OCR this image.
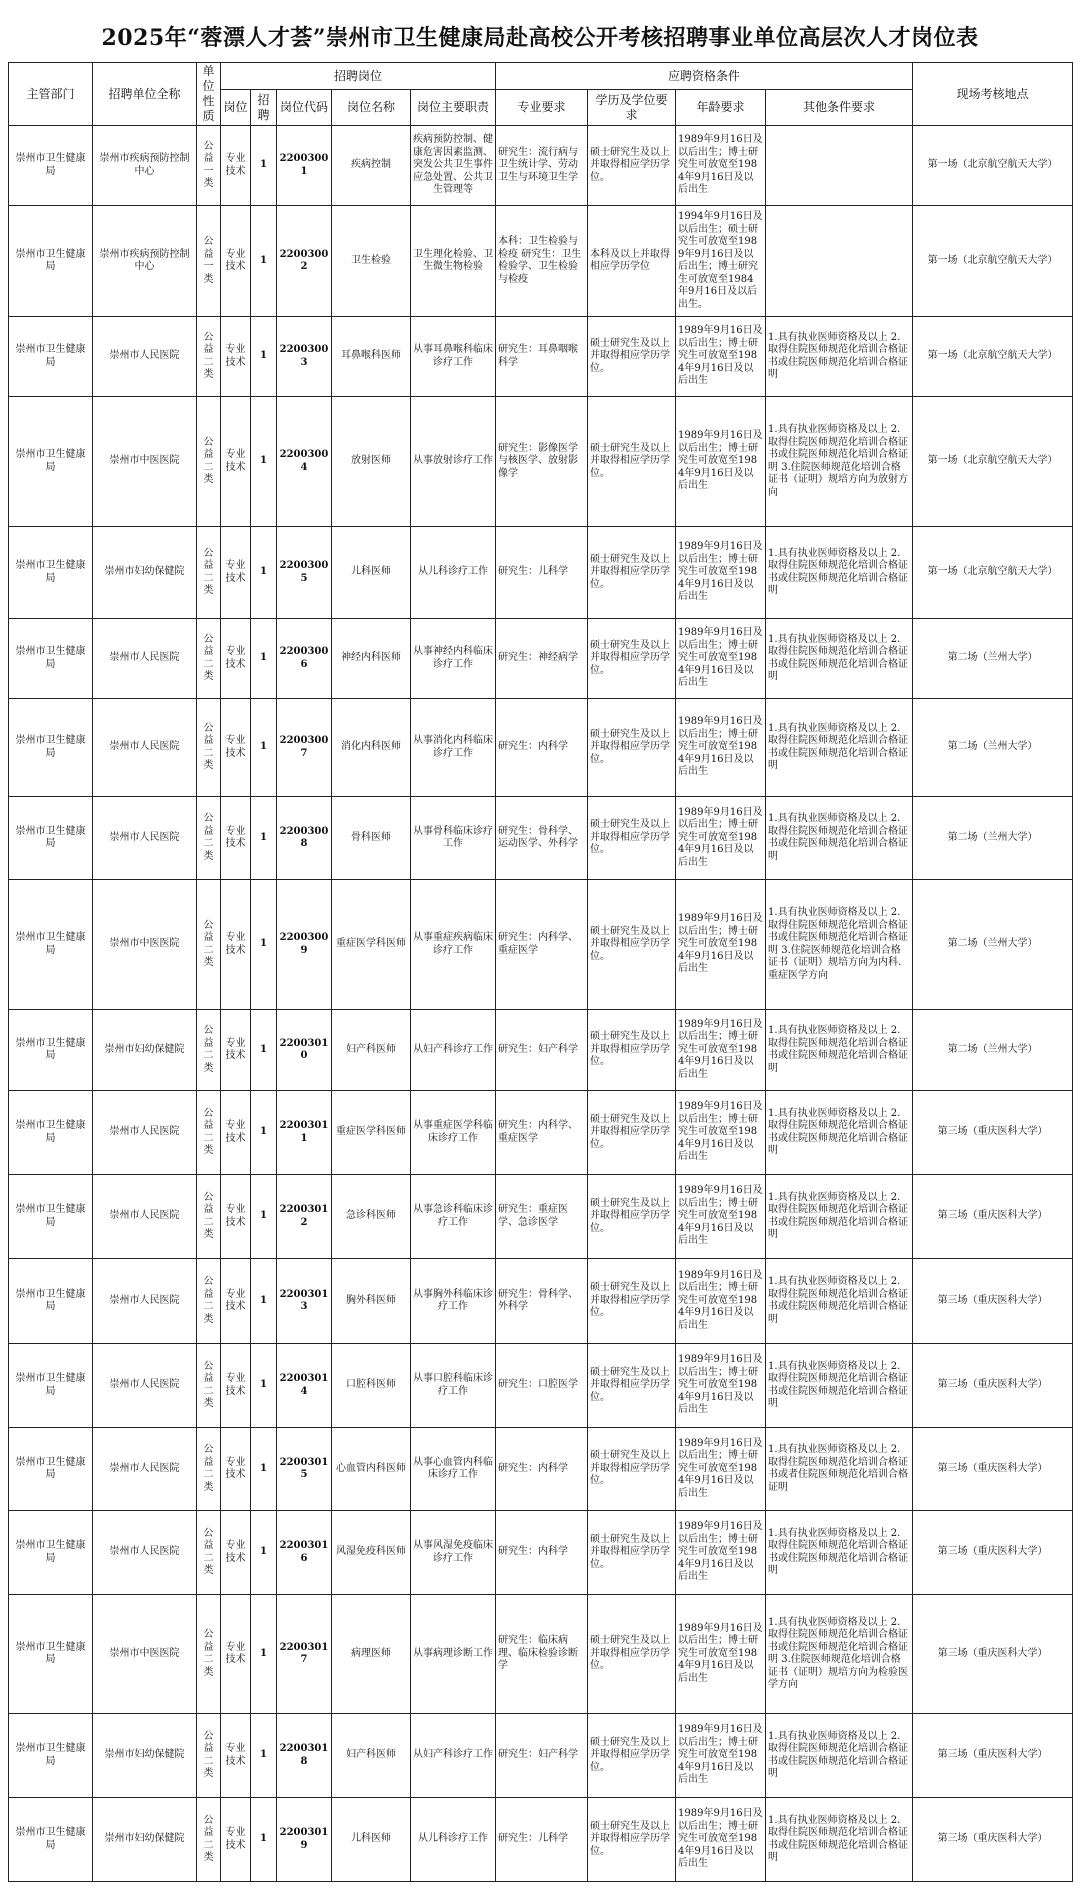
2025年“蓉漂人才荟”崇州市卫生健康局赴高校公开考核招聘事业单位高层次人才岗位表
主管部门	招聘单位全称	单位性质	招聘岗位					应聘资格条件				现场考核地点
			岗位	招聘	岗位代码	岗位名称	岗位主要职责	专业要求	学历及学位要求	年龄要求	其他条件要求	
崇州市卫生健康局	崇州市疾病预防控制中心	公益一类	专业技术	1	22003001	疾病控制	疾病预防控制、健康危害因素监测、突发公共卫生事件应急处置、公共卫生管理等	研究生：流行病与卫生统计学、劳动卫生与环境卫生学	硕士研究生及以上并取得相应学历学位。	1989年9月16日及以后出生；博士研究生可放宽至1984年9月16日及以后出生		第一场（北京航空航天大学）
崇州市卫生健康局	崇州市疾病预防控制中心	公益一类	专业技术	1	22003002	卫生检验	卫生理化检验、卫生微生物检验	本科：卫生检验与检疫 研究生：卫生检验学、卫生检验与检疫	本科及以上并取得相应学历学位	1994年9月16日及以后出生；硕士研究生可放宽至1989年9月16日及以后出生；博士研究生可放宽至1984年9月16日及以后出生。		第一场（北京航空航天大学）
崇州市卫生健康局	崇州市人民医院	公益二类	专业技术	1	22003003	耳鼻喉科医师	从事耳鼻喉科临床诊疗工作	研究生：耳鼻咽喉科学	硕士研究生及以上并取得相应学历学位。	1989年9月16日及以后出生；博士研究生可放宽至1984年9月16日及以后出生	1.具有执业医师资格及以上 2.取得住院医师规范化培训合格证书或住院医师规范化培训合格证明	第一场（北京航空航天大学）
崇州市卫生健康局	崇州市中医医院	公益二类	专业技术	1	22003004	放射医师	从事放射诊疗工作	研究生：影像医学与核医学、放射影像学	硕士研究生及以上并取得相应学历学位。	1989年9月16日及以后出生；博士研究生可放宽至1984年9月16日及以后出生	1.具有执业医师资格及以上 2.取得住院医师规范化培训合格证书或住院医师规范化培训合格证明 3.住院医师规范化培训合格证书（证明）规培方向为放射方向	第一场（北京航空航天大学）
崇州市卫生健康局	崇州市妇幼保健院	公益二类	专业技术	1	22003005	儿科医师	从儿科诊疗工作	研究生：儿科学	硕士研究生及以上并取得相应学历学位。	1989年9月16日及以后出生；博士研究生可放宽至1984年9月16日及以后出生	1.具有执业医师资格及以上 2.取得住院医师规范化培训合格证书或住院医师规范化培训合格证明	第一场（北京航空航天大学）
崇州市卫生健康局	崇州市人民医院	公益二类	专业技术	1	22003006	神经内科医师	从事神经内科临床诊疗工作	研究生：神经病学	硕士研究生及以上并取得相应学历学位。	1989年9月16日及以后出生；博士研究生可放宽至1984年9月16日及以后出生	1.具有执业医师资格及以上 2.取得住院医师规范化培训合格证书或住院医师规范化培训合格证明	第二场（兰州大学）
崇州市卫生健康局	崇州市人民医院	公益二类	专业技术	1	22003007	消化内科医师	从事消化内科临床诊疗工作	研究生：内科学	硕士研究生及以上并取得相应学历学位。	1989年9月16日及以后出生；博士研究生可放宽至1984年9月16日及以后出生	1.具有执业医师资格及以上 2.取得住院医师规范化培训合格证书或住院医师规范化培训合格证明	第二场（兰州大学）
崇州市卫生健康局	崇州市人民医院	公益二类	专业技术	1	22003008	骨科医师	从事骨科临床诊疗工作	研究生：骨科学、运动医学、外科学	硕士研究生及以上并取得相应学历学位。	1989年9月16日及以后出生；博士研究生可放宽至1984年9月16日及以后出生	1.具有执业医师资格及以上 2.取得住院医师规范化培训合格证书或住院医师规范化培训合格证明	第二场（兰州大学）
崇州市卫生健康局	崇州市中医医院	公益二类	专业技术	1	22003009	重症医学科医师	从事重症疾病临床诊疗工作	研究生：内科学、重症医学	硕士研究生及以上并取得相应学历学位。	1989年9月16日及以后出生；博士研究生可放宽至1984年9月16日及以后出生	1.具有执业医师资格及以上 2.取得住院医师规范化培训合格证书或住院医师规范化培训合格证明 3.住院医师规范化培训合格证书（证明）规培方向为内科.重症医学方向	第二场（兰州大学）
崇州市卫生健康局	崇州市妇幼保健院	公益二类	专业技术	1	22003010	妇产科医师	从妇产科诊疗工作	研究生：妇产科学	硕士研究生及以上并取得相应学历学位。	1989年9月16日及以后出生；博士研究生可放宽至1984年9月16日及以后出生	1.具有执业医师资格及以上 2.取得住院医师规范化培训合格证书或住院医师规范化培训合格证明	第二场（兰州大学）
崇州市卫生健康局	崇州市人民医院	公益二类	专业技术	1	22003011	重症医学科医师	从事重症医学科临床诊疗工作	研究生：内科学、重症医学	硕士研究生及以上并取得相应学历学位。	1989年9月16日及以后出生；博士研究生可放宽至1984年9月16日及以后出生	1.具有执业医师资格及以上 2.取得住院医师规范化培训合格证书或住院医师规范化培训合格证明	第三场（重庆医科大学）
崇州市卫生健康局	崇州市人民医院	公益二类	专业技术	1	22003012	急诊科医师	从事急诊科临床诊疗工作	研究生：重症医学、急诊医学	硕士研究生及以上并取得相应学历学位。	1989年9月16日及以后出生；博士研究生可放宽至1984年9月16日及以后出生	1.具有执业医师资格及以上 2.取得住院医师规范化培训合格证书或住院医师规范化培训合格证明	第三场（重庆医科大学）
崇州市卫生健康局	崇州市人民医院	公益二类	专业技术	1	22003013	胸外科医师	从事胸外科临床诊疗工作	研究生：骨科学、外科学	硕士研究生及以上并取得相应学历学位。	1989年9月16日及以后出生；博士研究生可放宽至1984年9月16日及以后出生	1.具有执业医师资格及以上 2.取得住院医师规范化培训合格证书或住院医师规范化培训合格证明	第三场（重庆医科大学）
崇州市卫生健康局	崇州市人民医院	公益二类	专业技术	1	22003014	口腔科医师	从事口腔科临床诊疗工作	研究生：口腔医学	硕士研究生及以上并取得相应学历学位。	1989年9月16日及以后出生；博士研究生可放宽至1984年9月16日及以后出生	1.具有执业医师资格及以上 2.取得住院医师规范化培训合格证书或住院医师规范化培训合格证明	第三场（重庆医科大学）
崇州市卫生健康局	崇州市人民医院	公益二类	专业技术	1	22003015	心血管内科医师	从事心血管内科临床诊疗工作	研究生：内科学	硕士研究生及以上并取得相应学历学位。	1989年9月16日及以后出生；博士研究生可放宽至1984年9月16日及以后出生	1.具有执业医师资格及以上 2.取得住院医师规范化培训合格证书或者住院医师规范化培训合格证明	第三场（重庆医科大学）
崇州市卫生健康局	崇州市人民医院	公益二类	专业技术	1	22003016	风湿免疫科医师	从事风湿免疫临床诊疗工作	研究生：内科学	硕士研究生及以上并取得相应学历学位。	1989年9月16日及以后出生；博士研究生可放宽至1984年9月16日及以后出生	1.具有执业医师资格及以上 2.取得住院医师规范化培训合格证书或住院医师规范化培训合格证明	第三场（重庆医科大学）
崇州市卫生健康局	崇州市中医医院	公益二类	专业技术	1	22003017	病理医师	从事病理诊断工作	研究生：临床病理、临床检验诊断学	硕士研究生及以上并取得相应学历学位。	1989年9月16日及以后出生；博士研究生可放宽至1984年9月16日及以后出生	1.具有执业医师资格及以上 2.取得住院医师规范化培训合格证书或住院医师规范化培训合格证明 3.住院医师规范化培训合格证书（证明）规培方向为检验医学方向	第三场（重庆医科大学）
崇州市卫生健康局	崇州市妇幼保健院	公益二类	专业技术	1	22003018	妇产科医师	从妇产科诊疗工作	研究生：妇产科学	硕士研究生及以上并取得相应学历学位。	1989年9月16日及以后出生；博士研究生可放宽至1984年9月16日及以后出生	1.具有执业医师资格及以上 2.取得住院医师规范化培训合格证书或住院医师规范化培训合格证明	第三场（重庆医科大学）
崇州市卫生健康局	崇州市妇幼保健院	公益二类	专业技术	1	22003019	儿科医师	从儿科诊疗工作	研究生：儿科学	硕士研究生及以上并取得相应学历学位。	1989年9月16日及以后出生；博士研究生可放宽至1984年9月16日及以后出生	1.具有执业医师资格及以上 2.取得住院医师规范化培训合格证书或住院医师规范化培训合格证明	第三场（重庆医科大学）
